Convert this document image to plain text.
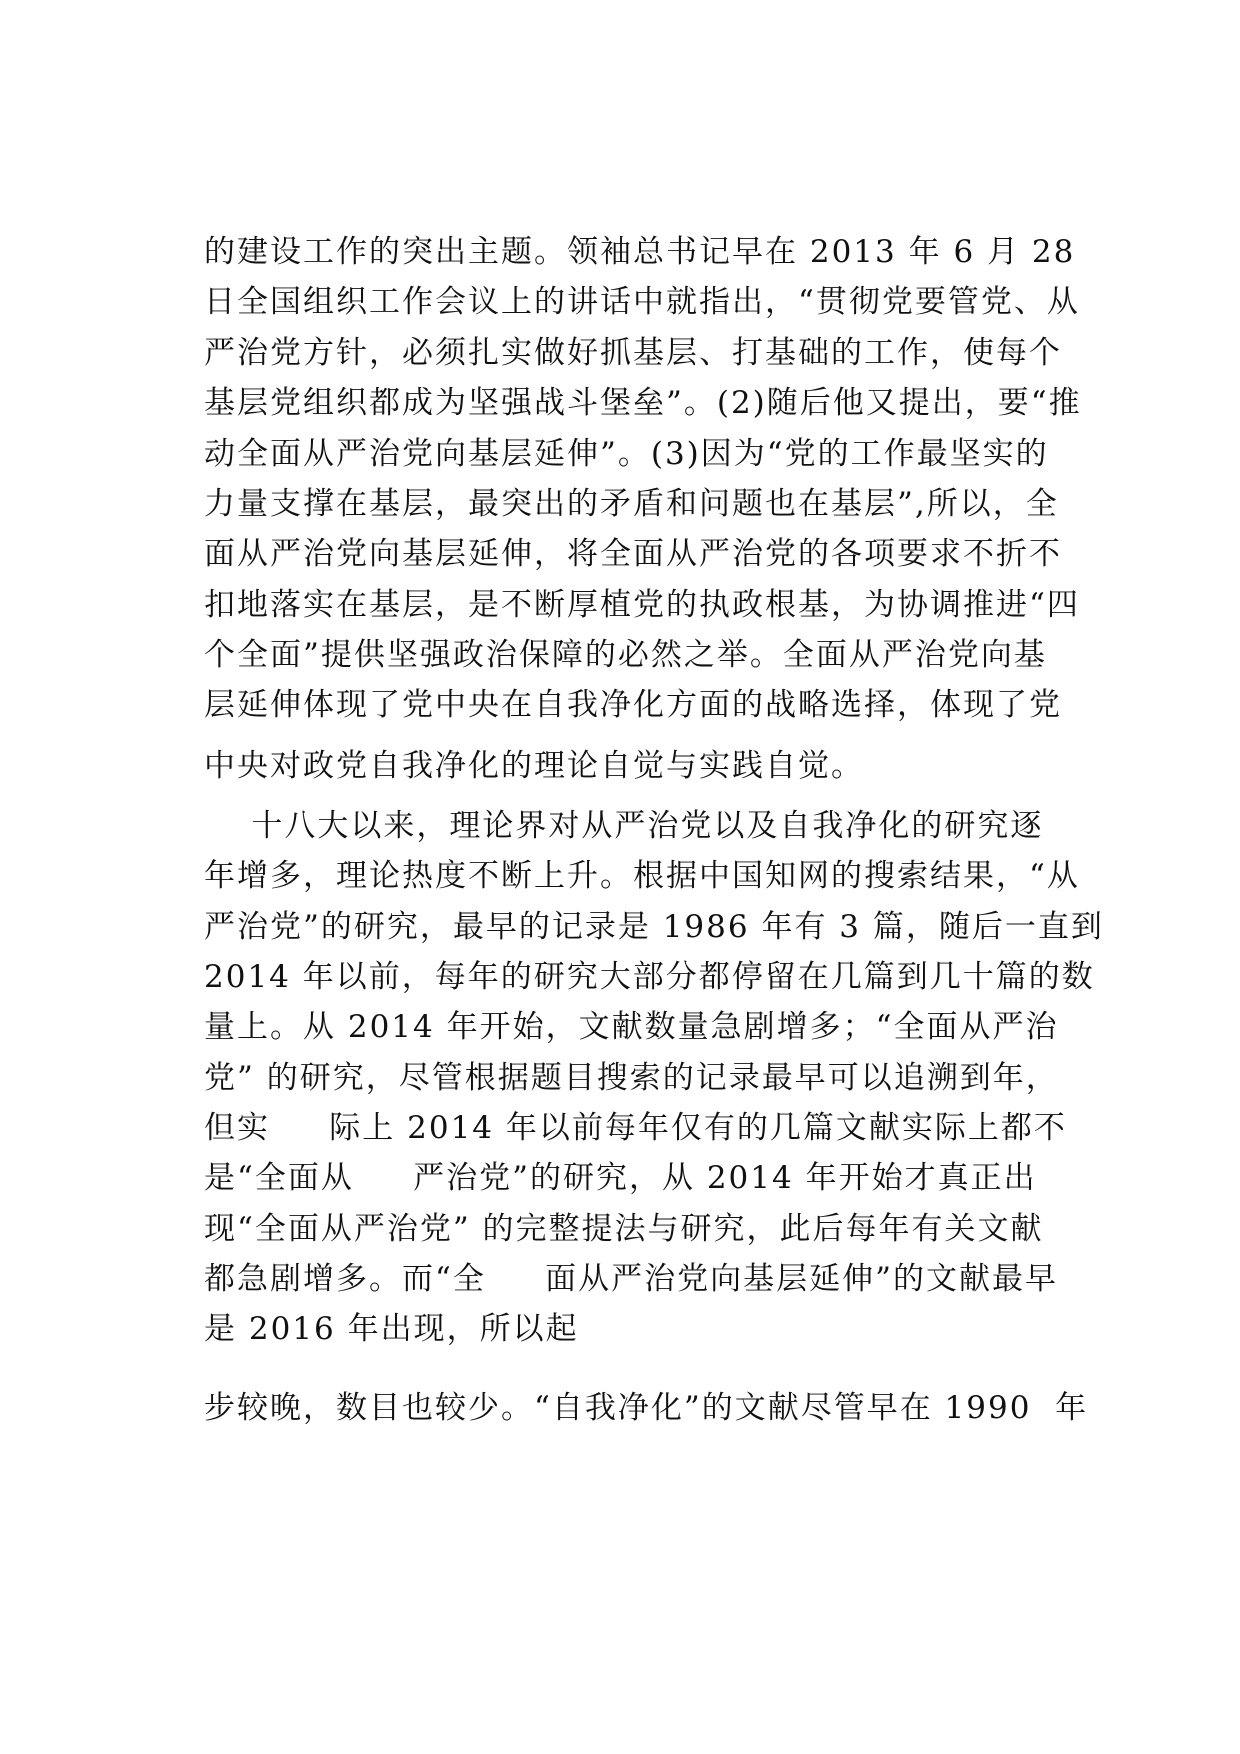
的建设工作的突出主题。领袖总书记早在 2013 年 6 月 28
日全国组织工作会议上的讲话中就指出，“贯彻党要管党、从
严治党方针，必须扎实做好抓基层、打基础的工作，使每个
基层党组织都成为坚强战斗堡垒”。(2)随后他又提出，要“推
动全面从严治党向基层延伸”。(3)因为“党的工作最坚实的
力量支撑在基层，最突出的矛盾和问题也在基层”,所以，全
面从严治党向基层延伸，将全面从严治党的各项要求不折不
扣地落实在基层，是不断厚植党的执政根基，为协调推进“四
个全面”提供坚强政治保障的必然之举。全面从严治党向基
层延伸体现了党中央在自我净化方面的战略选择，体现了党
中央对政党自我净化的理论自觉与实践自觉。
十八大以来，理论界对从严治党以及自我净化的研究逐
年增多，理论热度不断上升。根据中国知网的搜索结果，“从
严治党”的研究，最早的记录是 1986 年有 3 篇，随后一直到
2014 年以前，每年的研究大部分都停留在几篇到几十篇的数
量上。从 2014 年开始，文献数量急剧增多；“全面从严治
党” 的研究，尽管根据题目搜索的记录最早可以追溯到年，
但实     际上 2014 年以前每年仅有的几篇文献实际上都不
是“全面从     严治党”的研究，从 2014 年开始才真正出
现“全面从严治党” 的完整提法与研究，此后每年有关文献
都急剧增多。而“全     面从严治党向基层延伸”的文献最早
是 2016 年出现，所以起
步较晚，数目也较少。“自我净化”的文献尽管早在 1990  年
